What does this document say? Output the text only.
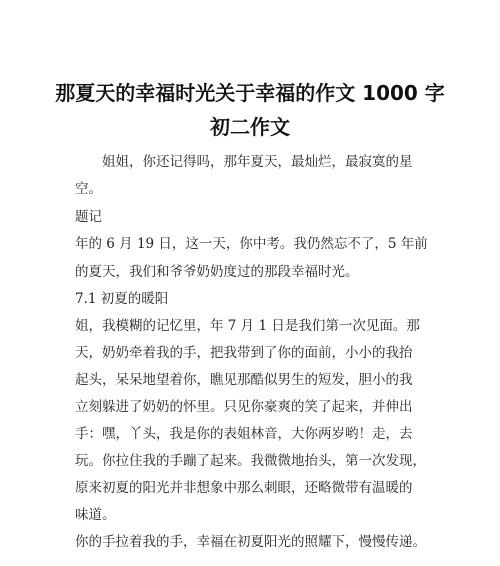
那夏天的幸福时光关于幸福的作文 1000 字
初二作文
姐姐，你还记得吗，那年夏天，最灿烂，最寂寞的星
空。
题记
年的 6 月 19 日，这一天，你中考。我仍然忘不了，5 年前
的夏天，我们和爷爷奶奶度过的那段幸福时光。
7.1 初夏的暖阳
姐，我模糊的记忆里，年 7 月 1 日是我们第一次见面。那
天，奶奶牵着我的手，把我带到了你的面前，小小的我抬
起头，呆呆地望着你，瞧见那酷似男生的短发，胆小的我
立刻躲进了奶奶的怀里。只见你豪爽的笑了起来，并伸出
手：嘿，丫头，我是你的表姐林音，大你两岁哟！走，去
玩。你拉住我的手蹦了起来。我微微地抬头，第一次发现，
原来初夏的阳光并非想象中那么刺眼，还略微带有温暖的
味道。
你的手拉着我的手，幸福在初夏阳光的照耀下，慢慢传递。
